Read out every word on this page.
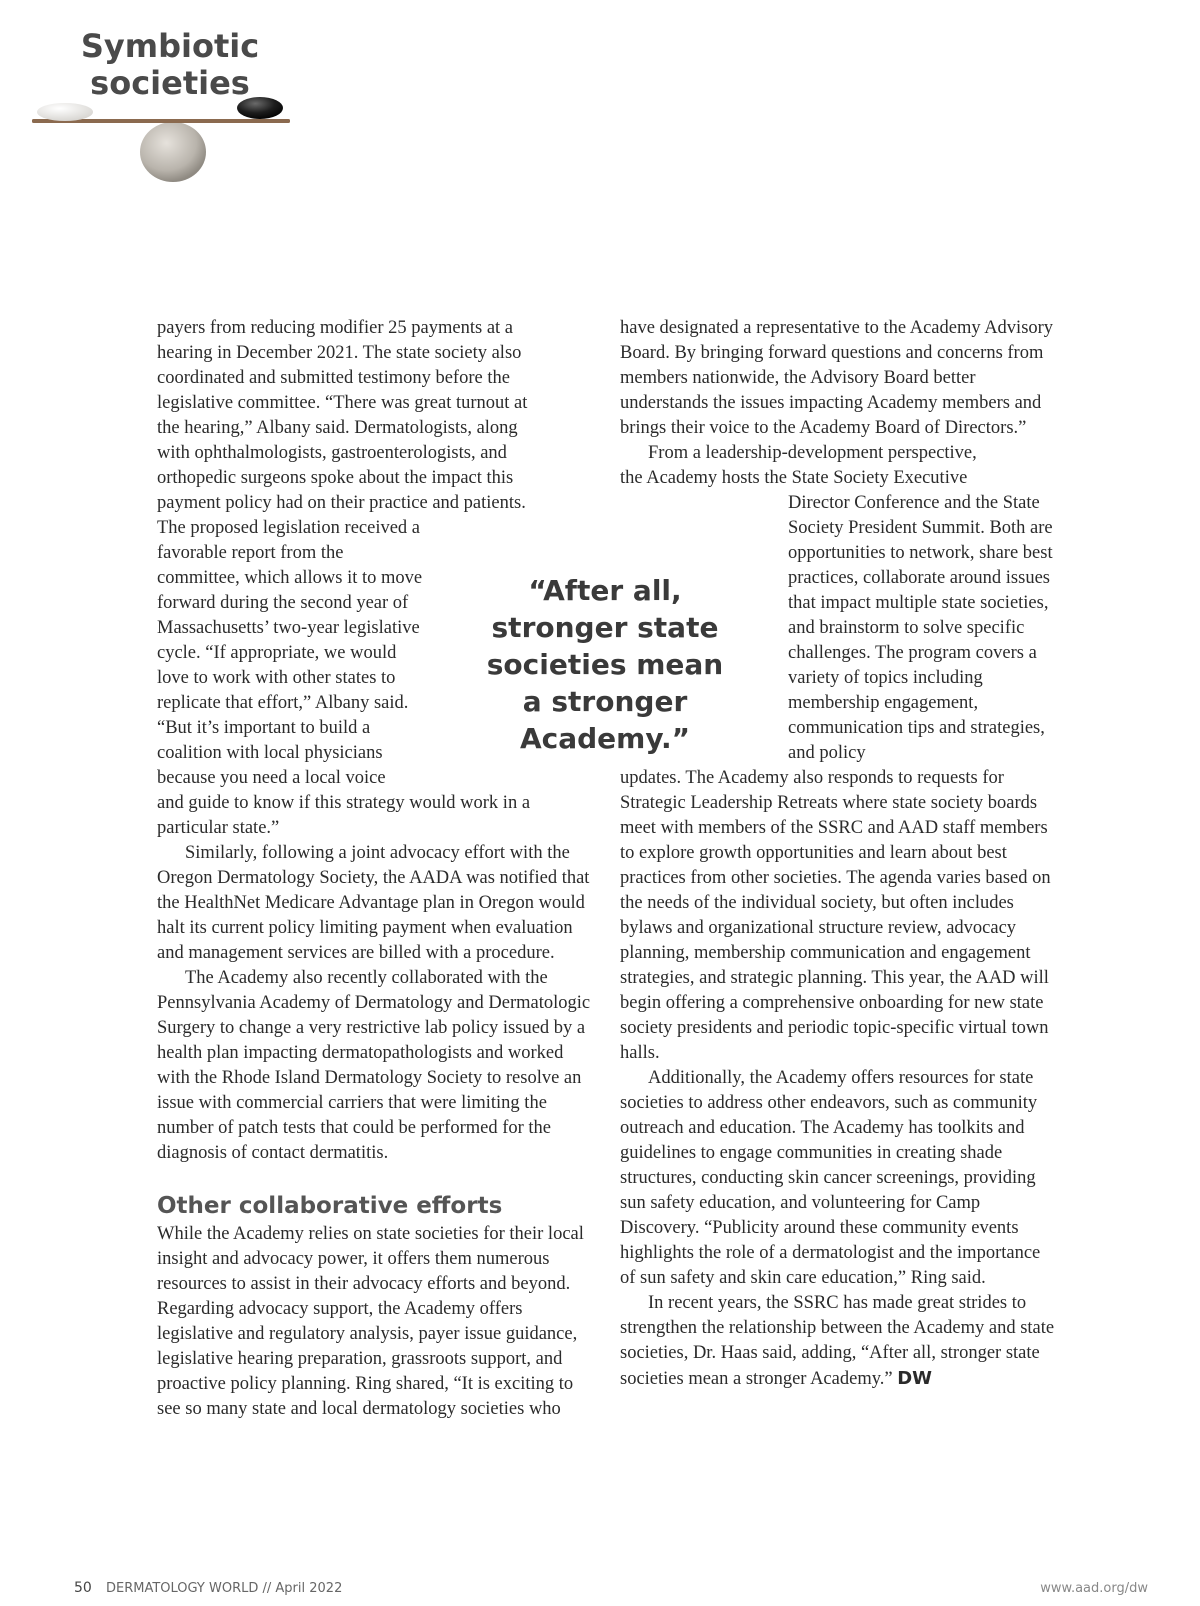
Symbiotic
societies

payers from reducing modifier 25 payments at a
hearing in December 2021. The state society also
coordinated and submitted testimony before the
legislative committee. “There was great turnout at
the hearing,” Albany said. Dermatologists, along
with ophthalmologists, gastroenterologists, and
orthopedic surgeons spoke about the impact this
payment policy had on their practice and patients.
The proposed legislation received a favorable report from the committee, which allows it to move forward during the second year of Massachusetts’ two-year legislative cycle. “If appropriate, we would love to work with other states to replicate that effort,” Albany said. “But it’s important to build a coalition with local physicians because you need a local voice
and guide to know if this strategy would work in a particular state.”

Similarly, following a joint advocacy effort with the Oregon Dermatology Society, the AADA was notified that the HealthNet Medicare Advantage plan in Oregon would halt its current policy limiting payment when evaluation and management services are billed with a procedure.

The Academy also recently collaborated with the Pennsylvania Academy of Dermatology and Dermatologic Surgery to change a very restrictive lab policy issued by a health plan impacting dermatopathologists and worked with the Rhode Island Dermatology Society to resolve an issue with commercial carriers that were limiting the number of patch tests that could be performed for the diagnosis of contact dermatitis.

Other collaborative efforts

While the Academy relies on state societies for their local insight and advocacy power, it offers them numerous resources to assist in their advocacy efforts and beyond. Regarding advocacy support, the Academy offers legislative and regulatory analysis, payer issue guidance, legislative hearing preparation, grassroots support, and proactive policy planning. Ring shared, “It is exciting to see so many state and local dermatology societies who

“After all, stronger state societies mean a stronger Academy.”

have designated a representative to the Academy Advisory Board. By bringing forward questions and concerns from members nationwide, the Advisory Board better understands the issues impacting Academy members and brings their voice to the Academy Board of Directors.”

From a leadership-development perspective,
the Academy hosts the State Society Executive
Director Conference and the State Society President Summit. Both are opportunities to network, share best practices, collaborate around issues that impact multiple state societies, and brainstorm to solve specific challenges. The program covers a variety of topics including membership engagement, communication tips and strategies, and policy
updates. The Academy also responds to requests for Strategic Leadership Retreats where state society boards meet with members of the SSRC and AAD staff members to explore growth opportunities and learn about best practices from other societies. The agenda varies based on the needs of the individual society, but often includes bylaws and organizational structure review, advocacy planning, membership communication and engagement strategies, and strategic planning. This year, the AAD will begin offering a comprehensive onboarding for new state society presidents and periodic topic-specific virtual town halls.

Additionally, the Academy offers resources for state societies to address other endeavors, such as community outreach and education. The Academy has toolkits and guidelines to engage communities in creating shade structures, conducting skin cancer screenings, providing sun safety education, and volunteering for Camp Discovery. “Publicity around these community events highlights the role of a dermatologist and the importance of sun safety and skin care education,” Ring said.

In recent years, the SSRC has made great strides to strengthen the relationship between the Academy and state societies, Dr. Haas said, adding, “After all, stronger state societies mean a stronger Academy.” DW

50 DERMATOLOGY WORLD // April 2022	www.aad.org/dw
